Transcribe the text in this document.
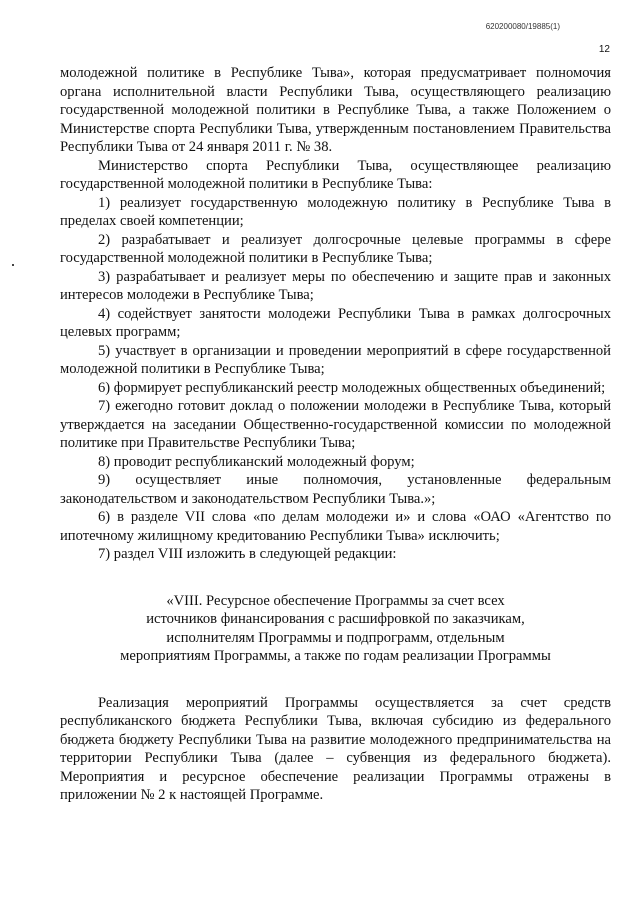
620200080/19885(1)
12

молодежной политике в Республике Тыва», которая предусматривает полномочия органа исполнительной власти Республики Тыва, осуществляющего реализацию государственной молодежной политики в Республике Тыва, а также Положением о Министерстве спорта Республики Тыва, утвержденным постановлением Правительства Республики Тыва от 24 января 2011 г. № 38.

Министерство спорта Республики Тыва, осуществляющее реализацию государственной молодежной политики в Республике Тыва:

1) реализует государственную молодежную политику в Республике Тыва в пределах своей компетенции;

2) разрабатывает и реализует долгосрочные целевые программы в сфере государственной молодежной политики в Республике Тыва;

3) разрабатывает и реализует меры по обеспечению и защите прав и законных интересов молодежи в Республике Тыва;

4) содействует занятости молодежи Республики Тыва в рамках долгосрочных целевых программ;

5) участвует в организации и проведении мероприятий в сфере государственной молодежной политики в Республике Тыва;

6) формирует республиканский реестр молодежных общественных объединений;

7) ежегодно готовит доклад о положении молодежи в Республике Тыва, который утверждается на заседании Общественно-государственной комиссии по молодежной политике при Правительстве Республики Тыва;

8) проводит республиканский молодежный форум;

9) осуществляет иные полномочия, установленные федеральным законодательством и законодательством Республики Тыва.»;

6) в разделе VII слова «по делам молодежи и» и слова «ОАО «Агентство по ипотечному жилищному кредитованию Республики Тыва» исключить;

7) раздел VIII изложить в следующей редакции:

«VIII. Ресурсное обеспечение Программы за счет всех
источников финансирования с расшифровкой по заказчикам,
исполнителям Программы и подпрограмм, отдельным
мероприятиям Программы, а также по годам реализации Программы

Реализация мероприятий Программы осуществляется за счет средств республиканского бюджета Республики Тыва, включая субсидию из федерального бюджета бюджету Республики Тыва на развитие молодежного предпринимательства на территории Республики Тыва (далее – субвенция из федерального бюджета). Мероприятия и ресурсное обеспечение реализации Программы отражены в приложении № 2 к настоящей Программе.
